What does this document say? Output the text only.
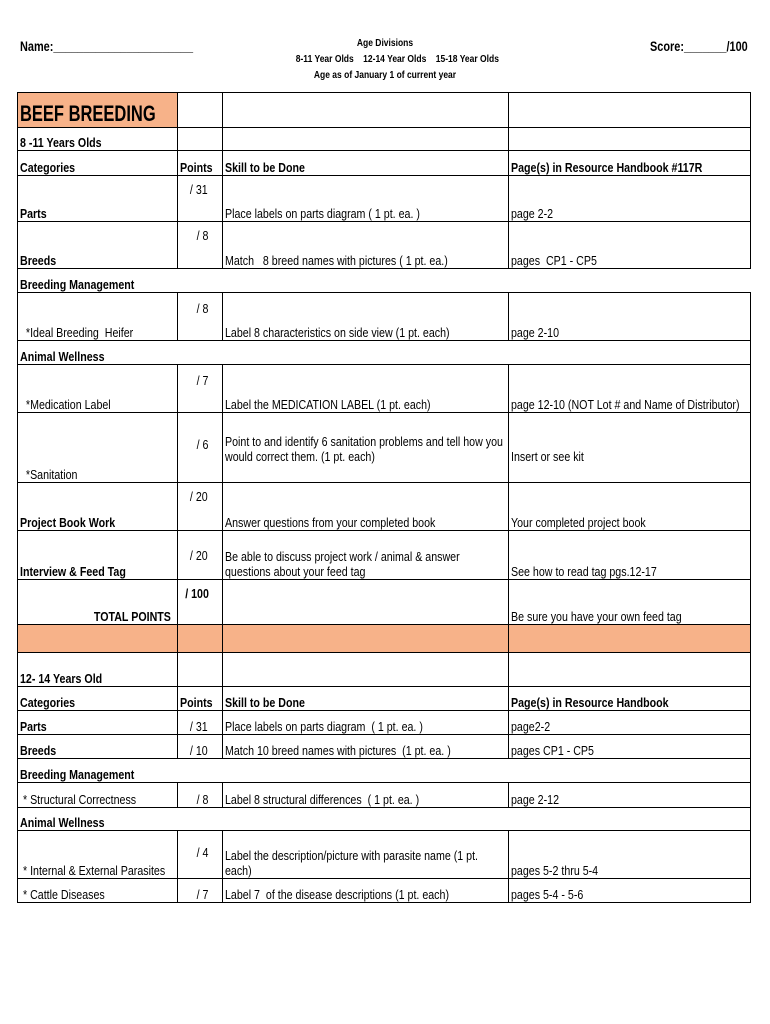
Name:_______________________	Age Divisions
8-11 Year Olds    12-14 Year Olds    15-18 Year Olds
Age as of January 1 of current year
Score:_______/100
BEEF BREEDING			
8 -11 Years Olds			
Categories	Points	Skill to be Done	Page(s) in Resource Handbook #117R
Parts	/ 31	Place labels on parts diagram ( 1 pt. ea. )	page 2-2
Breeds	/ 8	Match   8 breed names with pictures ( 1 pt. ea.)	pages  CP1 - CP5
Breeding Management			
*Ideal Breeding  Heifer	/ 8	Label 8 characteristics on side view (1 pt. each)	page 2-10
Animal Wellness			
*Medication Label	/ 7	Label the MEDICATION LABEL (1 pt. each)	page 12-10 (NOT Lot # and Name of Distributor)
*Sanitation	/ 6	Point to and identify 6 sanitation problems and tell how you
would correct them. (1 pt. each)	Insert or see kit
Project Book Work	/ 20	Answer questions from your completed book	Your completed project book
Interview & Feed Tag	/ 20	Be able to discuss project work / animal & answer
questions about your feed tag	See how to read tag pgs.12-17
TOTAL POINTS	/ 100		Be sure you have your own feed tag

12- 14 Years Old			
Categories	Points	Skill to be Done	Page(s) in Resource Handbook
Parts	/ 31	Place labels on parts diagram  ( 1 pt. ea. )	page2-2
Breeds	/ 10	Match 10 breed names with pictures  (1 pt. ea. )	pages CP1 - CP5
Breeding Management			
* Structural Correctness	/ 8	Label 8 structural differences  ( 1 pt. ea. )	page 2-12
Animal Wellness			
* Internal & External Parasites	/ 4	Label the description/picture with parasite name (1 pt.
each)	pages 5-2 thru 5-4
* Cattle Diseases	/ 7	Label 7  of the disease descriptions (1 pt. each)	pages 5-4 - 5-6
